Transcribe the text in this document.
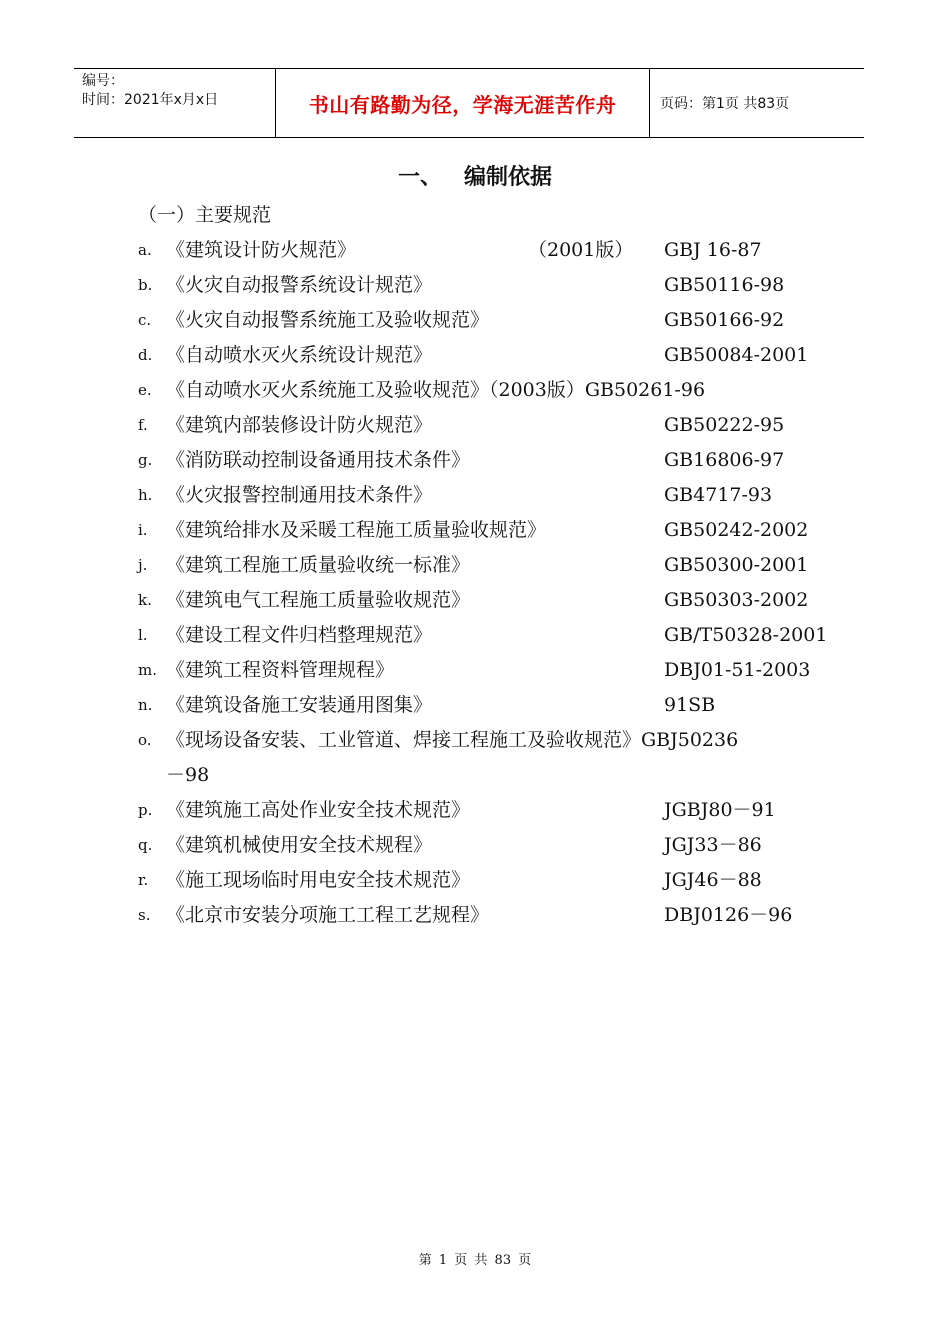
编号：
时间：2021年x月x日	书山有路勤为径，学海无涯苦作舟	页码：第1页 共83页
一、 编制依据
（一）主要规范
a. 《建筑设计防火规范》	（2001版） GBJ 16-87
b. 《火灾自动报警系统设计规范》	GB50116-98
c. 《火灾自动报警系统施工及验收规范》	GB50166-92
d. 《自动喷水灭火系统设计规范》	GB50084-2001
e. 《自动喷水灭火系统施工及验收规范》（2003版）GB50261-96
f. 《建筑内部装修设计防火规范》	GB50222-95
g. 《消防联动控制设备通用技术条件》	GB16806-97
h. 《火灾报警控制通用技术条件》	GB4717-93
i. 《建筑给排水及采暖工程施工质量验收规范》	GB50242-2002
j. 《建筑工程施工质量验收统一标准》	GB50300-2001
k. 《建筑电气工程施工质量验收规范》	GB50303-2002
l. 《建设工程文件归档整理规范》	GB/T50328-2001
m. 《建筑工程资料管理规程》	DBJ01-51-2003
n. 《建筑设备施工安装通用图集》	91SB
o. 《现场设备安装、工业管道、焊接工程施工及验收规范》GBJ50236
－98
p. 《建筑施工高处作业安全技术规范》	JGBJ80－91
q. 《建筑机械使用安全技术规程》	JGJ33－86
r. 《施工现场临时用电安全技术规范》	JGJ46－88
s. 《北京市安装分项施工工程工艺规程》	DBJ0126－96
第 1 页 共 83 页
